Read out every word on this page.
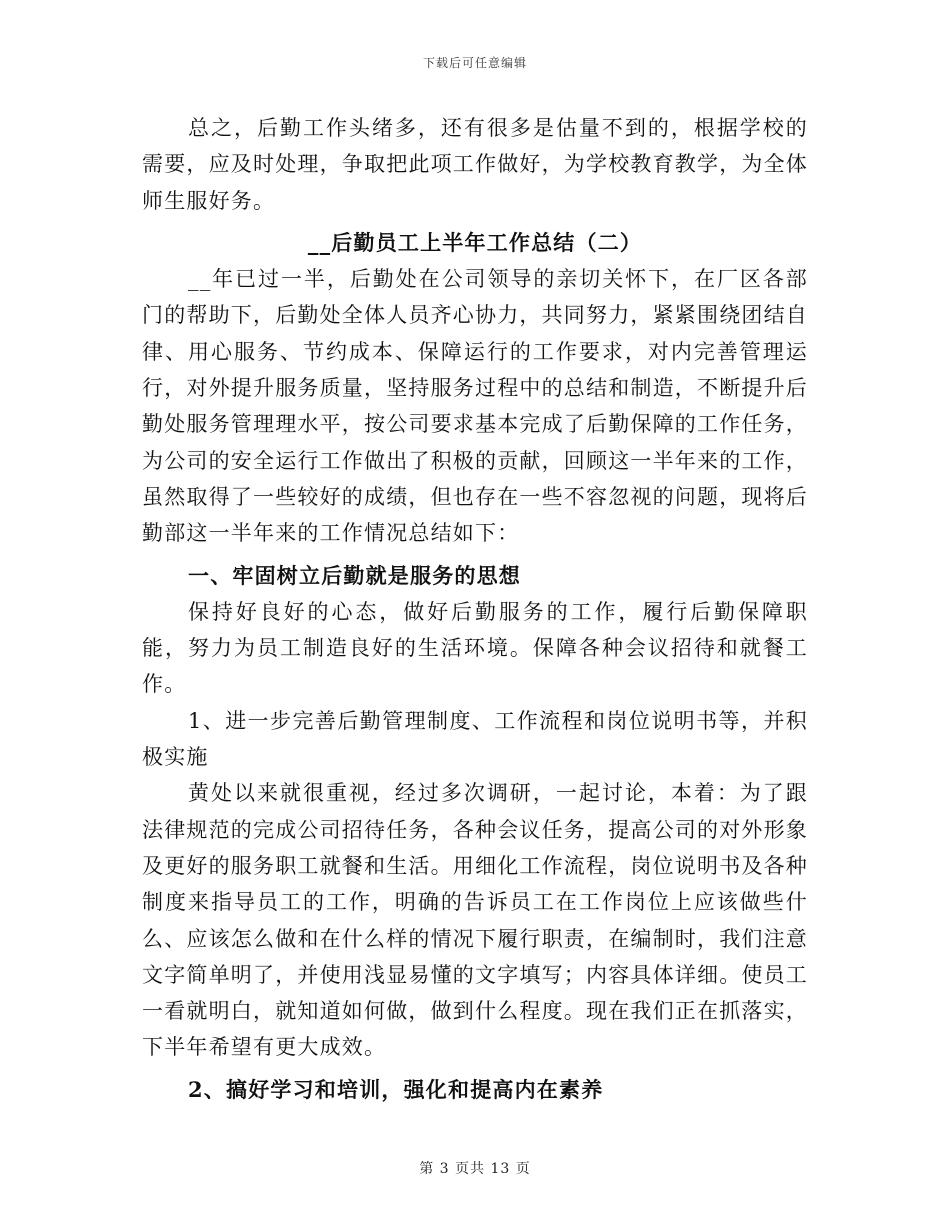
下载后可任意编辑

总之，后勤工作头绪多，还有很多是估量不到的，根据学校的需要，应及时处理，争取把此项工作做好，为学校教育教学，为全体师生服好务。

__后勤员工上半年工作总结（二）

__年已过一半，后勤处在公司领导的亲切关怀下，在厂区各部门的帮助下，后勤处全体人员齐心协力，共同努力，紧紧围绕团结自律、用心服务、节约成本、保障运行的工作要求，对内完善管理运行，对外提升服务质量，坚持服务过程中的总结和制造，不断提升后勤处服务管理理水平，按公司要求基本完成了后勤保障的工作任务，为公司的安全运行工作做出了积极的贡献，回顾这一半年来的工作，虽然取得了一些较好的成绩，但也存在一些不容忽视的问题，现将后勤部这一半年来的工作情况总结如下：

一、牢固树立后勤就是服务的思想

保持好良好的心态，做好后勤服务的工作，履行后勤保障职能，努力为员工制造良好的生活环境。保障各种会议招待和就餐工作。

1、进一步完善后勤管理制度、工作流程和岗位说明书等，并积极实施

黄处以来就很重视，经过多次调研，一起讨论，本着：为了跟法律规范的完成公司招待任务，各种会议任务，提高公司的对外形象及更好的服务职工就餐和生活。用细化工作流程，岗位说明书及各种制度来指导员工的工作，明确的告诉员工在工作岗位上应该做些什么、应该怎么做和在什么样的情况下履行职责，在编制时，我们注意文字简单明了，并使用浅显易懂的文字填写；内容具体详细。使员工一看就明白，就知道如何做，做到什么程度。现在我们正在抓落实，下半年希望有更大成效。

2、搞好学习和培训，强化和提高内在素养

第 3 页共 13 页
